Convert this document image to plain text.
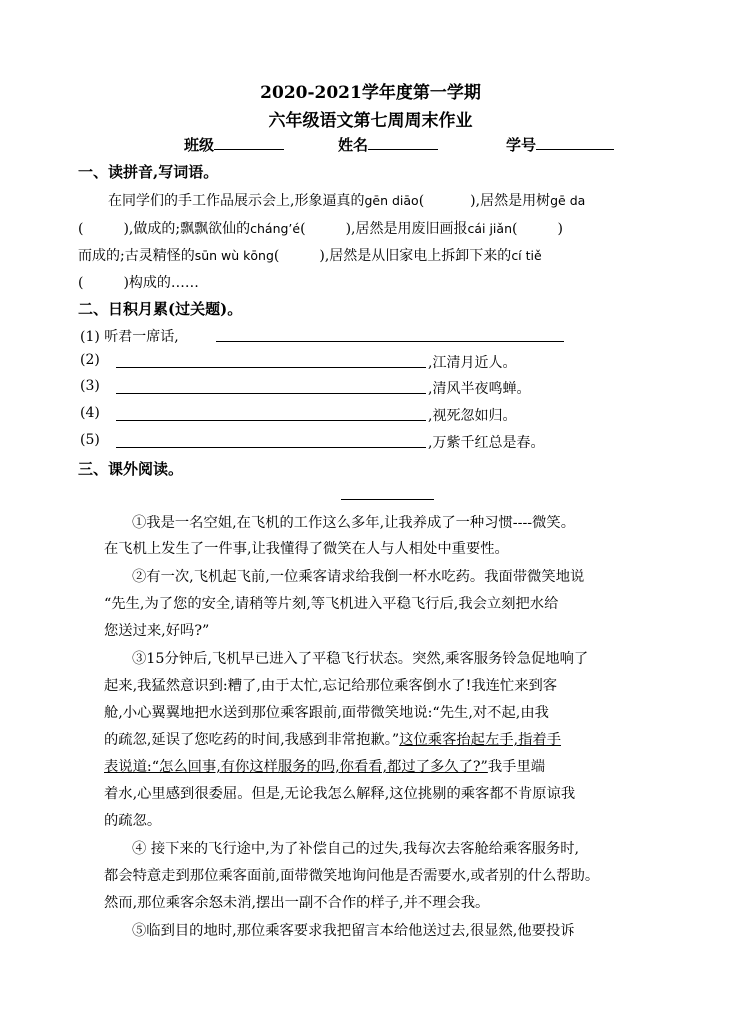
2020-2021学年度第一学期
六年级语文第七周周末作业
班级	姓名	学号
一、读拼音,写词语。
在同学们的手工作品展示会上,形象逼真的gēn diāo(	),居然是用树gē da
(	),做成的;飘飘欲仙的cháng’é(	),居然是用废旧画报cái jiǎn(	)
而成的;古灵精怪的sūn wù kōng(	),居然是从旧家电上拆卸下来的cí tiě
(	)构成的……
二、日积月累(过关题)。
(1) 听君一席话,
(2)	,江清月近人。
(3)	,清风半夜鸣蝉。
(4)	,视死忽如归。
(5)	,万紫千红总是春。
三、课外阅读。
①我是一名空姐,在飞机的工作这么多年,让我养成了一种习惯----微笑。
在飞机上发生了一件事,让我懂得了微笑在人与人相处中重要性。
②有一次,飞机起飞前,一位乘客请求给我倒一杯水吃药。我面带微笑地说
“先生,为了您的安全,请稍等片刻,等飞机进入平稳飞行后,我会立刻把水给
您送过来,好吗?”
③15分钟后,飞机早已进入了平稳飞行状态。突然,乘客服务铃急促地响了
起来,我猛然意识到:糟了,由于太忙,忘记给那位乘客倒水了!我连忙来到客
舱,小心翼翼地把水送到那位乘客跟前,面带微笑地说:“先生,对不起,由我
的疏忽,延误了您吃药的时间,我感到非常抱歉。”这位乘客抬起左手,指着手
表说道:“怎么回事,有你这样服务的吗,你看看,都过了多久了?”我手里端
着水,心里感到很委屈。但是,无论我怎么解释,这位挑剔的乘客都不肯原谅我
的疏忽。
④ 接下来的飞行途中,为了补偿自己的过失,我每次去客舱给乘客服务时,
都会特意走到那位乘客面前,面带微笑地询问他是否需要水,或者别的什么帮助。
然而,那位乘客余怒未消,摆出一副不合作的样子,并不理会我。
⑤临到目的地时,那位乘客要求我把留言本给他送过去,很显然,他要投诉
